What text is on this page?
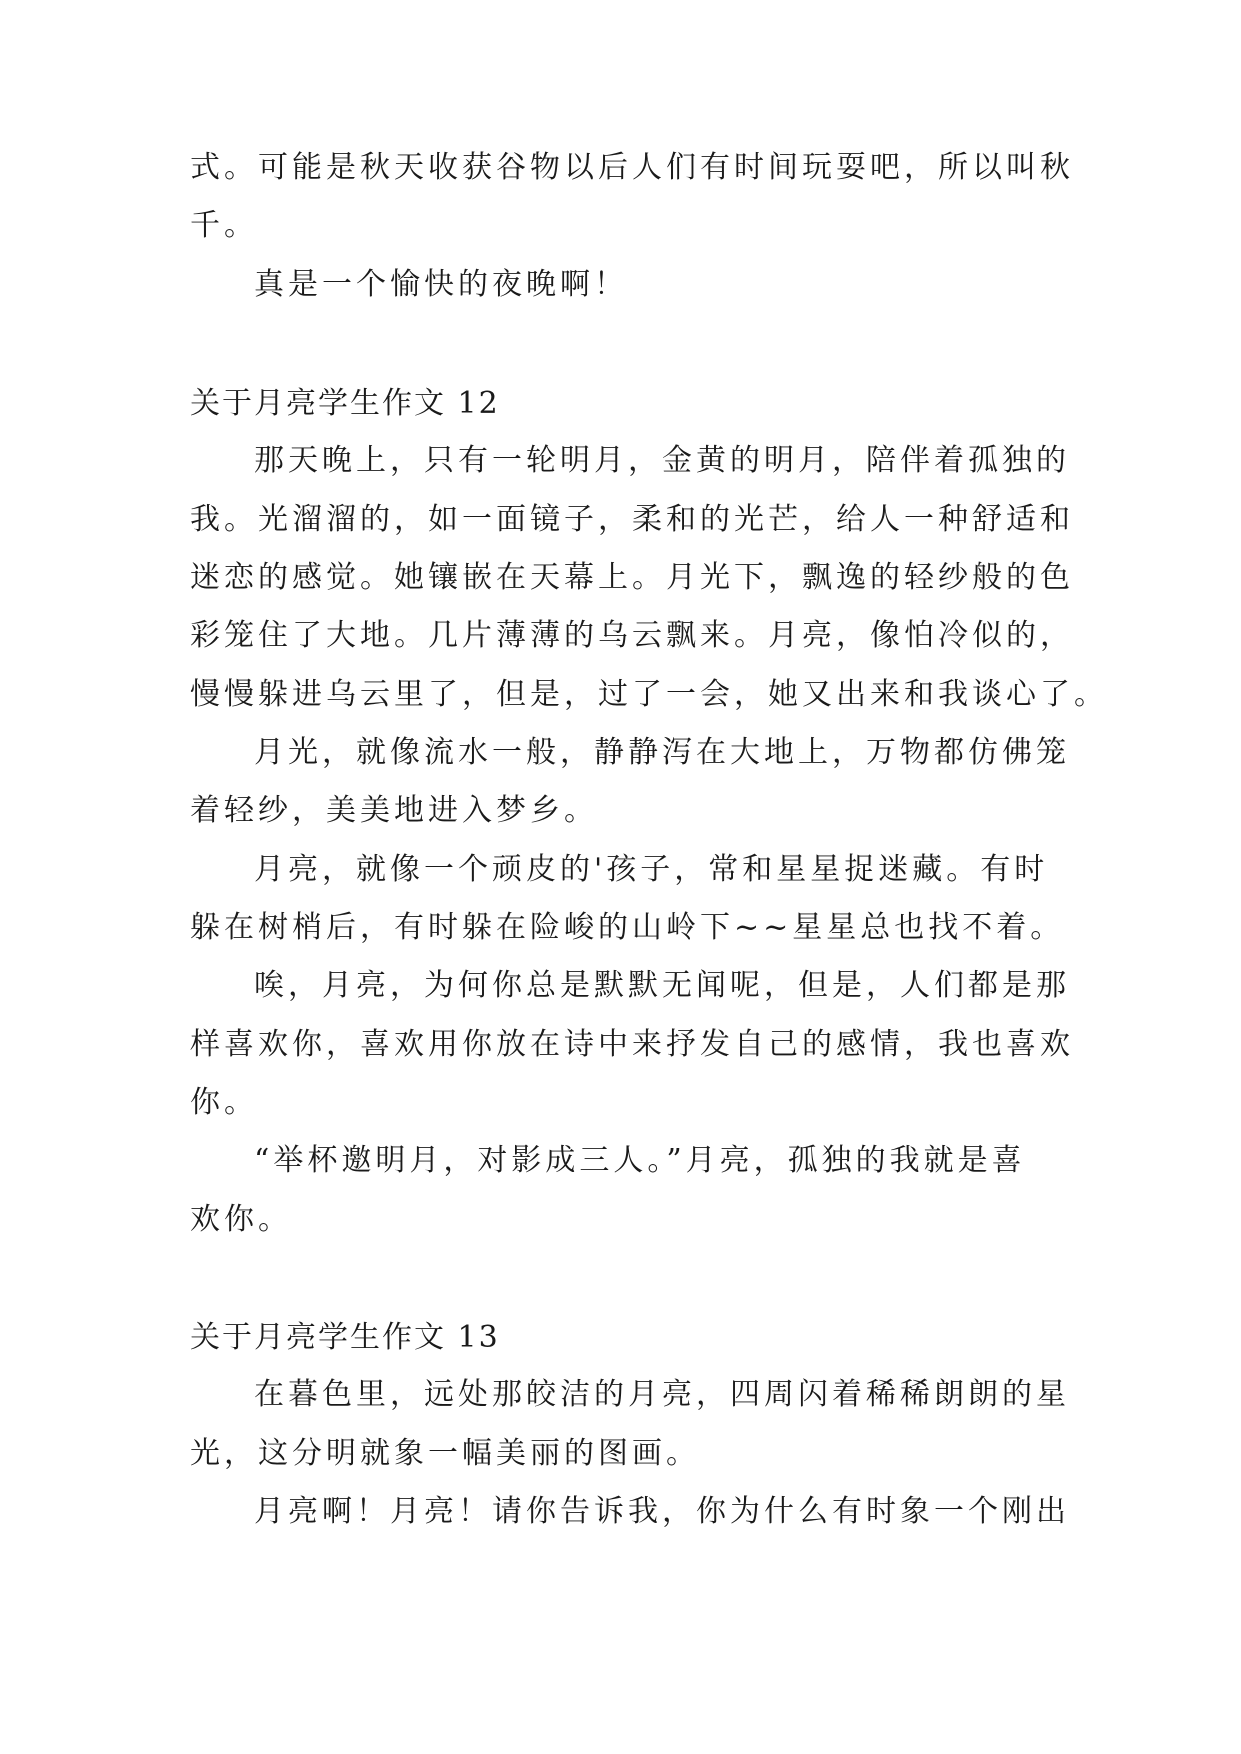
式。可能是秋天收获谷物以后人们有时间玩耍吧，所以叫秋
千。
真是一个愉快的夜晚啊！
关于月亮学生作文 12
那天晚上，只有一轮明月，金黄的明月，陪伴着孤独的
我。光溜溜的，如一面镜子，柔和的光芒，给人一种舒适和
迷恋的感觉。她镶嵌在天幕上。月光下，飘逸的轻纱般的色
彩笼住了大地。几片薄薄的乌云飘来。月亮，像怕冷似的，
慢慢躲进乌云里了，但是，过了一会，她又出来和我谈心了。
月光，就像流水一般，静静泻在大地上，万物都仿佛笼
着轻纱，美美地进入梦乡。
月亮，就像一个顽皮的'孩子，常和星星捉迷藏。有时
躲在树梢后，有时躲在险峻的山岭下~~星星总也找不着。
唉，月亮，为何你总是默默无闻呢，但是，人们都是那
样喜欢你，喜欢用你放在诗中来抒发自己的感情，我也喜欢
你。
“举杯邀明月，对影成三人。”月亮，孤独的我就是喜
欢你。
关于月亮学生作文 13
在暮色里，远处那皎洁的月亮，四周闪着稀稀朗朗的星
光，这分明就象一幅美丽的图画。
月亮啊！月亮！请你告诉我，你为什么有时象一个刚出
